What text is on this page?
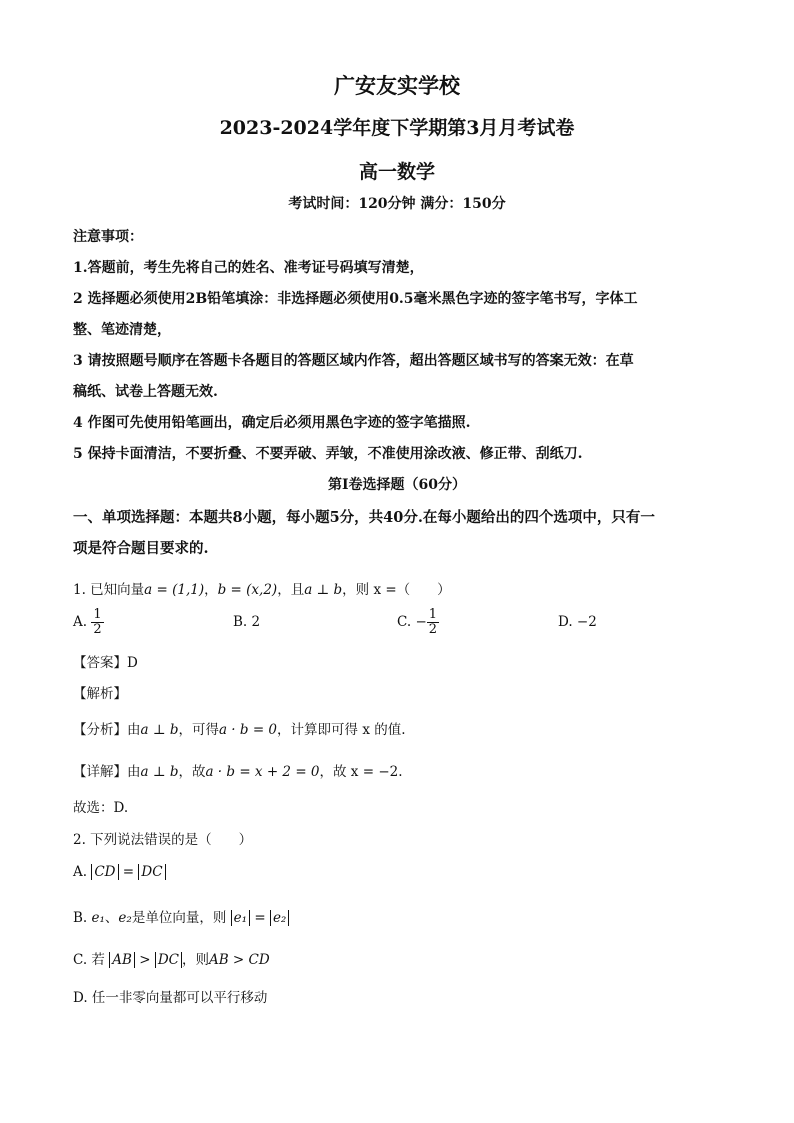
广安友实学校
2023-2024学年度下学期第3月月考试卷
高一数学
考试时间：120分钟 满分：150分
注意事项：
1.答题前，考生先将自己的姓名、准考证号码填写清楚，
2 选择题必须使用2B铅笔填涂：非选择题必须使用0.5毫米黑色字迹的签字笔书写，字体工
整、笔迹清楚，
3 请按照题号顺序在答题卡各题目的答题区域内作答，超出答题区域书写的答案无效：在草
稿纸、试卷上答题无效.
4 作图可先使用铅笔画出，确定后必须用黑色字迹的签字笔描照.
5 保持卡面清洁，不要折叠、不要弄破、弄皱，不准使用涂改液、修正带、刮纸刀.
第I卷选择题（60分）
一、单项选择题：本题共8小题，每小题5分，共40分.在每小题给出的四个选项中，只有一
项是符合题目要求的.
1. 已知向量a = (1,1)，b = (x,2)，且a ⊥ b，则 x =（　　）
A. $\frac{1}{2}$	B. 2	C. − $\frac{1}{2}$	D. −2
【答案】D
【解析】
【分析】由a ⊥ b，可得a · b = 0，计算即可得 x 的值.
【详解】由a ⊥ b，故a · b = x + 2 = 0，故 x = −2.
故选：D.
2. 下列说法错误的是（　　）
A. CD = DC
B. e₁、e₂是单位向量，则 e₁ = e₂
C. 若 AB > DC ，则AB > CD
D. 任一非零向量都可以平行移动
